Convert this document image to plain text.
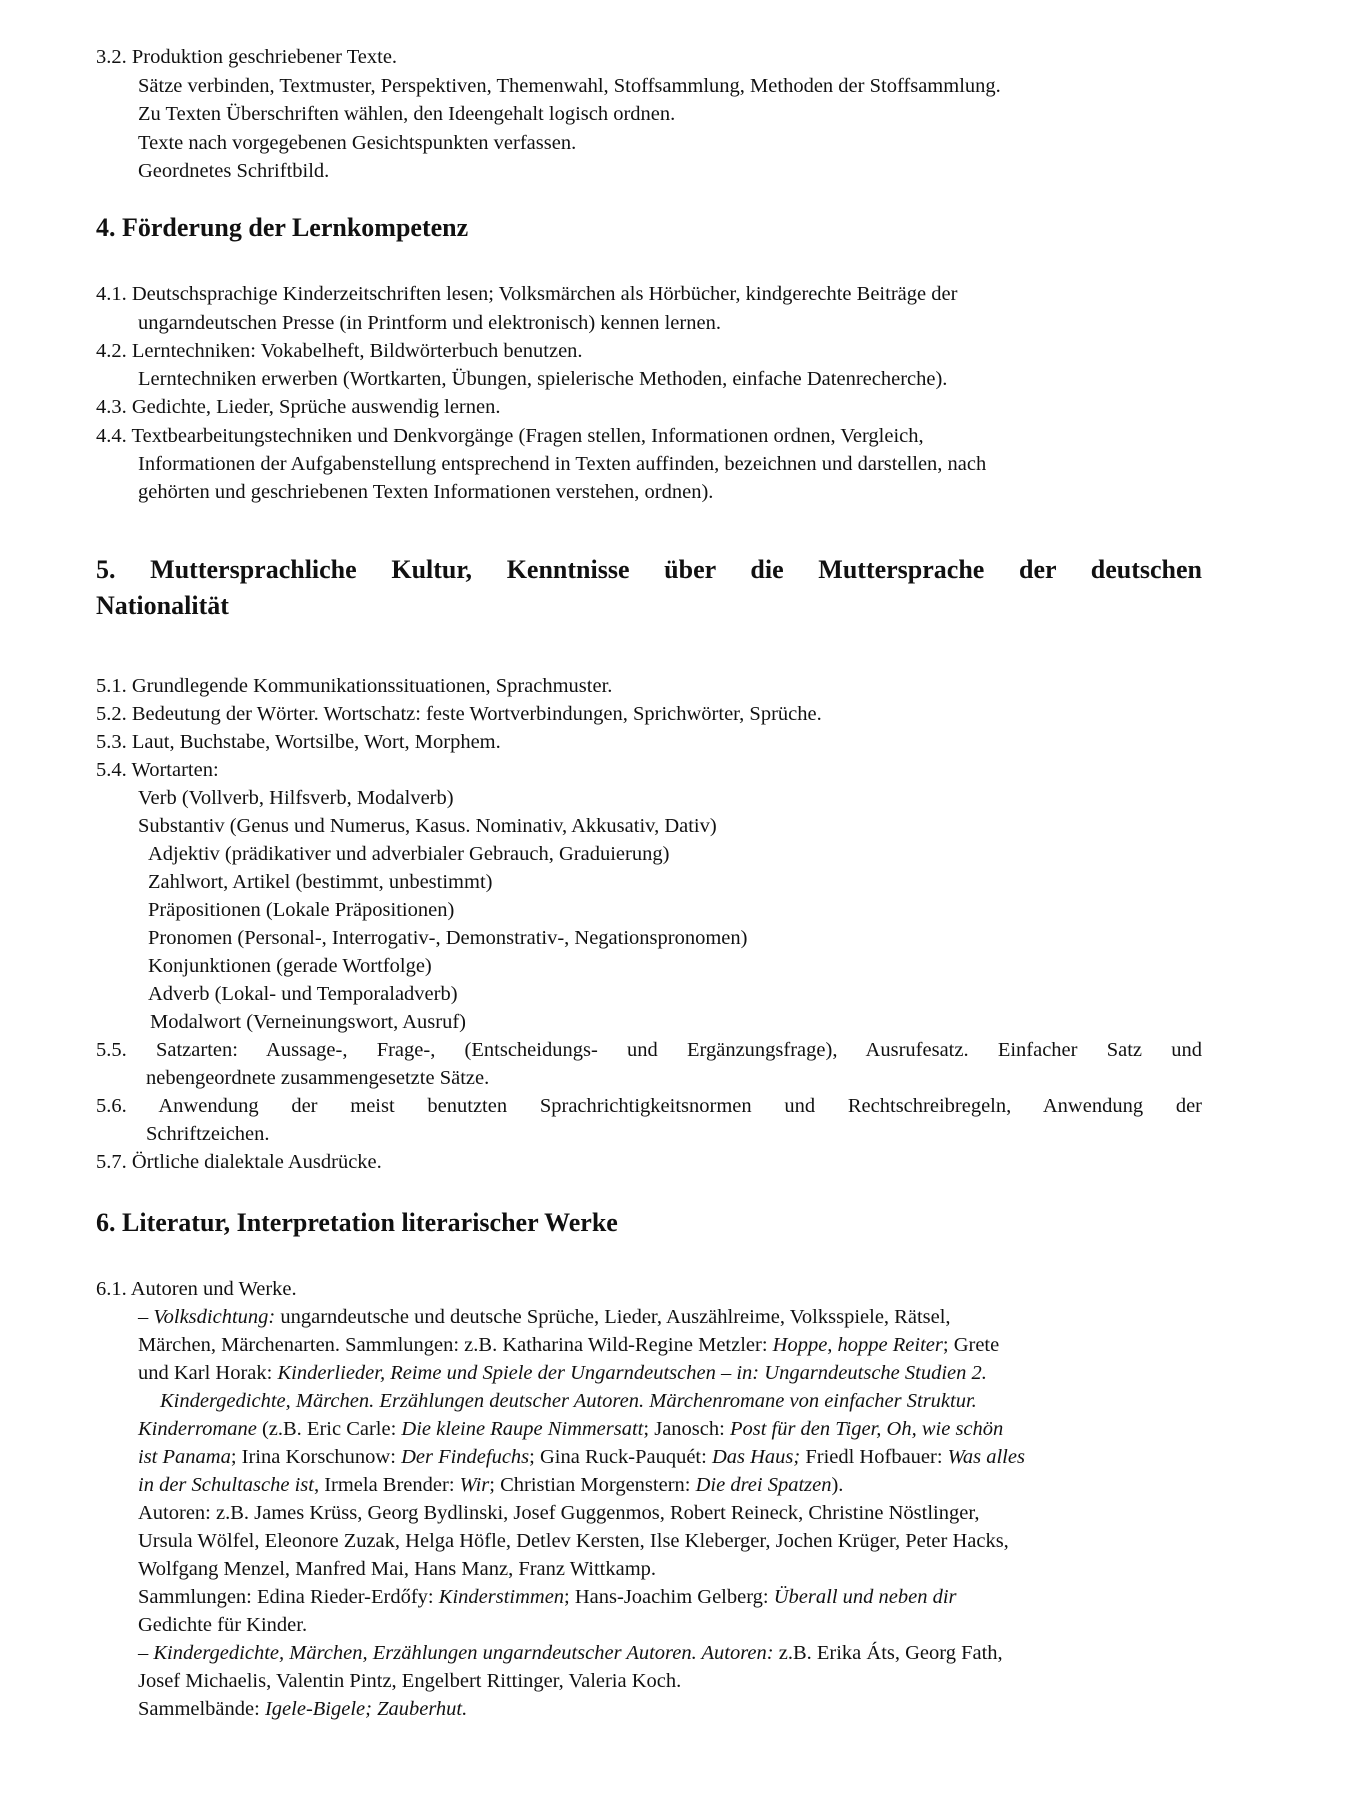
3.2. Produktion geschriebener Texte.
Sätze verbinden, Textmuster, Perspektiven, Themenwahl, Stoffsammlung, Methoden der Stoffsammlung.
Zu Texten Überschriften wählen, den Ideengehalt logisch ordnen.
Texte nach vorgegebenen Gesichtspunkten verfassen.
Geordnetes Schriftbild.
4. Förderung der Lernkompetenz
4.1. Deutschsprachige Kinderzeitschriften lesen; Volksmärchen als Hörbücher, kindgerechte Beiträge der
ungarndeutschen Presse (in Printform und elektronisch) kennen lernen.
4.2. Lerntechniken: Vokabelheft, Bildwörterbuch benutzen.
Lerntechniken erwerben (Wortkarten, Übungen, spielerische Methoden, einfache Datenrecherche).
4.3. Gedichte, Lieder, Sprüche auswendig lernen.
4.4. Textbearbeitungstechniken und Denkvorgänge (Fragen stellen, Informationen ordnen, Vergleich,
Informationen der Aufgabenstellung entsprechend in Texten auffinden, bezeichnen und darstellen, nach
gehörten und geschriebenen Texten Informationen verstehen, ordnen).
5. Muttersprachliche Kultur, Kenntnisse über die Muttersprache der deutschen
Nationalität
5.1. Grundlegende Kommunikationssituationen, Sprachmuster.
5.2. Bedeutung der Wörter. Wortschatz: feste Wortverbindungen, Sprichwörter, Sprüche.
5.3. Laut, Buchstabe, Wortsilbe, Wort, Morphem.
5.4. Wortarten:
Verb (Vollverb, Hilfsverb, Modalverb)
Substantiv (Genus und Numerus, Kasus. Nominativ, Akkusativ, Dativ)
Adjektiv (prädikativer und adverbialer Gebrauch, Graduierung)
Zahlwort, Artikel (bestimmt, unbestimmt)
Präpositionen (Lokale Präpositionen)
Pronomen (Personal-, Interrogativ-, Demonstrativ-, Negationspronomen)
Konjunktionen (gerade Wortfolge)
Adverb (Lokal- und Temporaladverb)
Modalwort (Verneinungswort, Ausruf)
5.5. Satzarten: Aussage-, Frage-, (Entscheidungs- und Ergänzungsfrage), Ausrufesatz. Einfacher Satz und
nebengeordnete zusammengesetzte Sätze.
5.6. Anwendung der meist benutzten Sprachrichtigkeitsnormen und Rechtschreibregeln, Anwendung der
Schriftzeichen.
5.7. Örtliche dialektale Ausdrücke.
6. Literatur, Interpretation literarischer Werke
6.1. Autoren und Werke.
– Volksdichtung: ungarndeutsche und deutsche Sprüche, Lieder, Auszählreime, Volksspiele, Rätsel,
Märchen, Märchenarten. Sammlungen: z.B. Katharina Wild-Regine Metzler: Hoppe, hoppe Reiter; Grete
und Karl Horak: Kinderlieder, Reime und Spiele der Ungarndeutschen – in: Ungarndeutsche Studien 2.
Kindergedichte, Märchen. Erzählungen deutscher Autoren. Märchenromane von einfacher Struktur.
Kinderromane (z.B. Eric Carle: Die kleine Raupe Nimmersatt; Janosch: Post für den Tiger, Oh, wie schön
ist Panama; Irina Korschunow: Der Findefuchs; Gina Ruck-Pauquét: Das Haus; Friedl Hofbauer: Was alles
in der Schultasche ist, Irmela Brender: Wir; Christian Morgenstern: Die drei Spatzen).
Autoren: z.B. James Krüss, Georg Bydlinski, Josef Guggenmos, Robert Reineck, Christine Nöstlinger,
Ursula Wölfel, Eleonore Zuzak, Helga Höfle, Detlev Kersten, Ilse Kleberger, Jochen Krüger, Peter Hacks,
Wolfgang Menzel, Manfred Mai, Hans Manz, Franz Wittkamp.
Sammlungen: Edina Rieder-Erdőfy: Kinderstimmen; Hans-Joachim Gelberg: Überall und neben dir
Gedichte für Kinder.
– Kindergedichte, Märchen, Erzählungen ungarndeutscher Autoren. Autoren: z.B. Erika Áts, Georg Fath,
Josef Michaelis, Valentin Pintz, Engelbert Rittinger, Valeria Koch.
Sammelbände: Igele-Bigele; Zauberhut.
